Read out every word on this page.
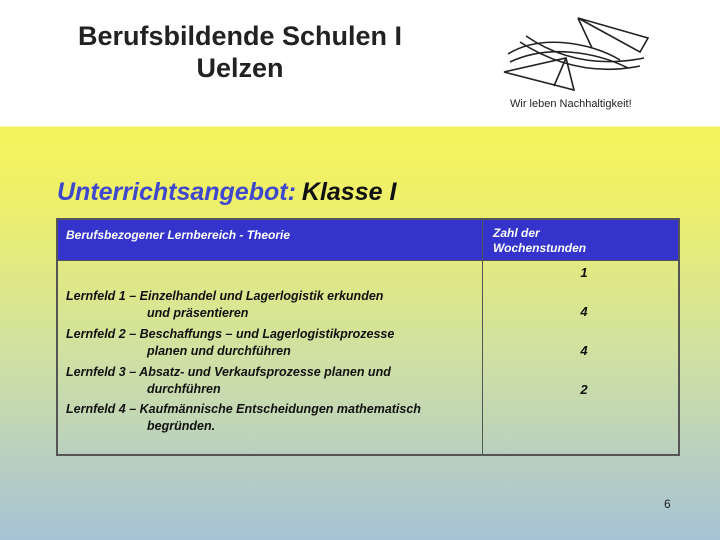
Berufsbildende Schulen I
Uelzen
Wir leben Nachhaltigkeit!
Unterrichtsangebot: Klasse I
Berufsbezogener Lernbereich - Theorie	Zahl der
Wochenstunden
Lernfeld 1 – Einzelhandel und Lagerlogistik erkunden
und präsentieren
Lernfeld 2 – Beschaffungs – und Lagerlogistikprozesse
planen und durchführen
Lernfeld 3 – Absatz- und Verkaufsprozesse planen und
durchführen
Lernfeld 4 – Kaufmännische Entscheidungen mathematisch
begründen.
1
4
4
2
6
